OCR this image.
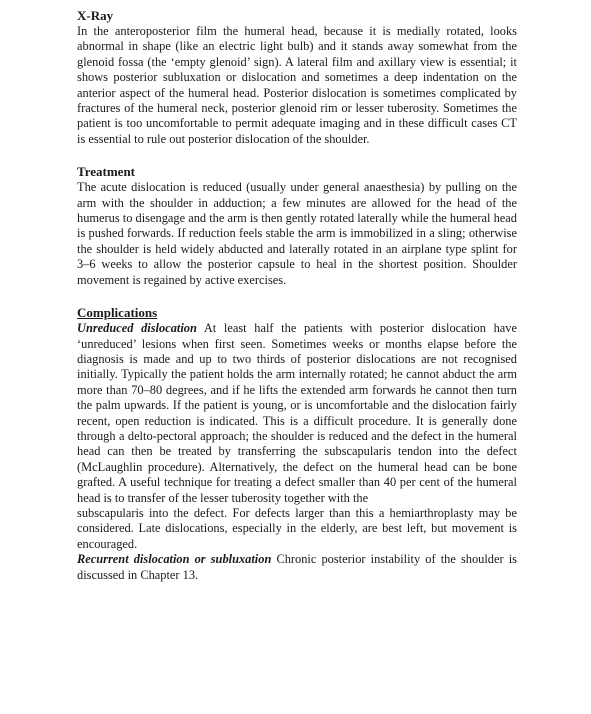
X-Ray

In the anteroposterior film the humeral head, because it is medially rotated, looks abnormal in shape (like an electric light bulb) and it stands away somewhat from the glenoid fossa (the ‘empty glenoid’ sign). A lateral film and axillary view is essential; it shows posterior subluxation or dislocation and sometimes a deep indentation on the anterior aspect of the humeral head. Posterior dislocation is sometimes complicated by fractures of the humeral neck, posterior glenoid rim or lesser tuberosity. Sometimes the patient is too uncomfortable to permit adequate imaging and in these difficult cases CT is essential to rule out posterior dislocation of the shoulder.

Treatment

The acute dislocation is reduced (usually under general anaesthesia) by pulling on the arm with the shoulder in adduction; a few minutes are allowed for the head of the humerus to disengage and the arm is then gently rotated laterally while the humeral head is pushed forwards. If reduction feels stable the arm is immobilized in a sling; otherwise the shoulder is held widely abducted and laterally rotated in an airplane type splint for 3–6 weeks to allow the posterior capsule to heal in the shortest position. Shoulder movement is regained by active exercises.

Complications

Unreduced dislocation At least half the patients with posterior dislocation have ‘unreduced’ lesions when first seen. Sometimes weeks or months elapse before the diagnosis is made and up to two thirds of posterior dislocations are not recognised initially. Typically the patient holds the arm internally rotated; he cannot abduct the arm more than 70–80 degrees, and if he lifts the extended arm forwards he cannot then turn the palm upwards. If the patient is young, or is uncomfortable and the dislocation fairly recent, open reduction is indicated. This is a difficult procedure. It is generally done through a delto-pectoral approach; the shoulder is reduced and the defect in the humeral head can then be treated by transferring the subscapularis tendon into the defect (McLaughlin procedure). Alternatively, the defect on the humeral head can be bone grafted. A useful technique for treating a defect smaller than 40 per cent of the humeral head is to transfer of the lesser tuberosity together with the

subscapularis into the defect. For defects larger than this a hemiarthroplasty may be considered. Late dislocations, especially in the elderly, are best left, but movement is encouraged.

Recurrent dislocation or subluxation Chronic posterior instability of the shoulder is discussed in Chapter 13.
